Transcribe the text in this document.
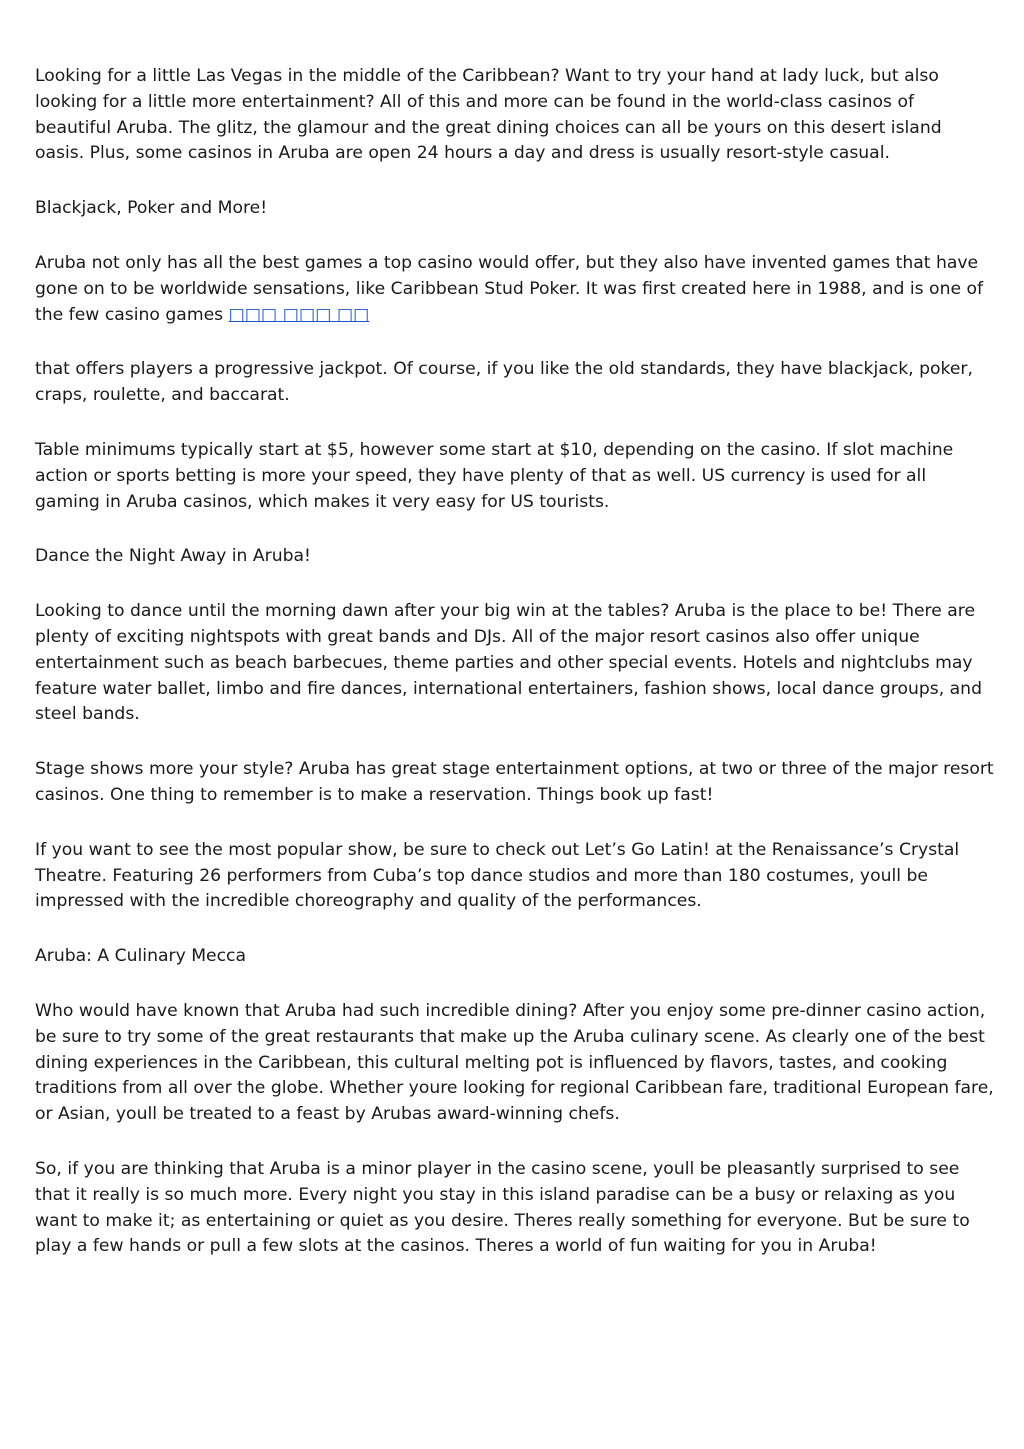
Looking for a little Las Vegas in the middle of the Caribbean? Want to try your hand at lady luck, but also looking for a little more entertainment? All of this and more can be found in the world-class casinos of beautiful Aruba. The glitz, the glamour and the great dining choices can all be yours on this desert island oasis. Plus, some casinos in Aruba are open 24 hours a day and dress is usually resort-style casual.

Blackjack, Poker and More!

Aruba not only has all the best games a top casino would offer, but they also have invented games that have gone on to be worldwide sensations, like Caribbean Stud Poker. It was first created here in 1988, and is one of the few casino games □□□ □□□ □□

that offers players a progressive jackpot. Of course, if you like the old standards, they have blackjack, poker, craps, roulette, and baccarat.

Table minimums typically start at $5, however some start at $10, depending on the casino. If slot machine action or sports betting is more your speed, they have plenty of that as well. US currency is used for all gaming in Aruba casinos, which makes it very easy for US tourists.

Dance the Night Away in Aruba!

Looking to dance until the morning dawn after your big win at the tables? Aruba is the place to be! There are plenty of exciting nightspots with great bands and DJs. All of the major resort casinos also offer unique entertainment such as beach barbecues, theme parties and other special events. Hotels and nightclubs may feature water ballet, limbo and fire dances, international entertainers, fashion shows, local dance groups, and steel bands.

Stage shows more your style? Aruba has great stage entertainment options, at two or three of the major resort casinos. One thing to remember is to make a reservation. Things book up fast!

If you want to see the most popular show, be sure to check out Let’s Go Latin! at the Renaissance’s Crystal Theatre. Featuring 26 performers from Cuba’s top dance studios and more than 180 costumes, youll be impressed with the incredible choreography and quality of the performances.

Aruba: A Culinary Mecca

Who would have known that Aruba had such incredible dining? After you enjoy some pre-dinner casino action, be sure to try some of the great restaurants that make up the Aruba culinary scene. As clearly one of the best dining experiences in the Caribbean, this cultural melting pot is influenced by flavors, tastes, and cooking traditions from all over the globe. Whether youre looking for regional Caribbean fare, traditional European fare, or Asian, youll be treated to a feast by Arubas award-winning chefs.

So, if you are thinking that Aruba is a minor player in the casino scene, youll be pleasantly surprised to see that it really is so much more. Every night you stay in this island paradise can be a busy or relaxing as you want to make it; as entertaining or quiet as you desire. Theres really something for everyone. But be sure to play a few hands or pull a few slots at the casinos. Theres a world of fun waiting for you in Aruba!
